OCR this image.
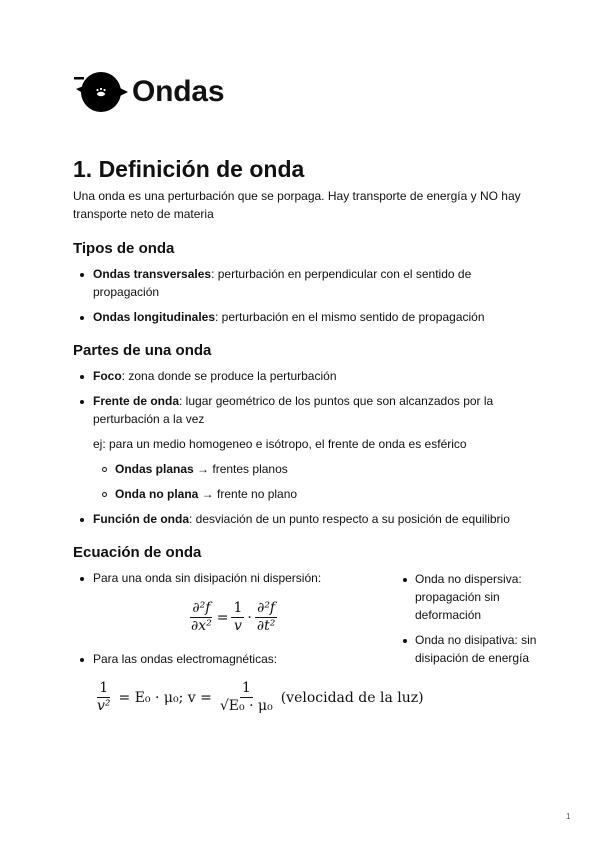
Ondas
1. Definición de onda

Una onda es una perturbación que se porpaga. Hay transporte de energía y NO hay transporte neto de materia

Tipos de onda
Ondas transversales: perturbación en perpendicular con el sentido de propagación
Ondas longitudinales: perturbación en el mismo sentido de propagación
Partes de una onda
Foco: zona donde se produce la perturbación
Frente de onda: lugar geométrico de los puntos que son alcanzados por la perturbación a la vez
ej: para un medio homogeneo e isótropo, el frente de onda es esférico
Ondas planas → frentes planos
Onda no plana → frente no plano
Función de onda: desviación de un punto respecto a su posición de equilibrio
Ecuación de onda
Para una onda sin disipación ni dispersión:
$\frac{\text{∂²f}}{\text{∂x²}} = \frac{1}{v} \cdot \frac{\text{∂²f}}{\text{∂t²}}$
Para las ondas electromagnéticas:
$\frac{1}{\text{v²}} = E_0 \cdot \mu_0$; $v = \frac{1}{\text{√E₀ · μ₀}}$ (velocidad de la luz)
Onda no dispersiva: propagación sin deformación
Onda no disipativa: sin disipación de energía
1
